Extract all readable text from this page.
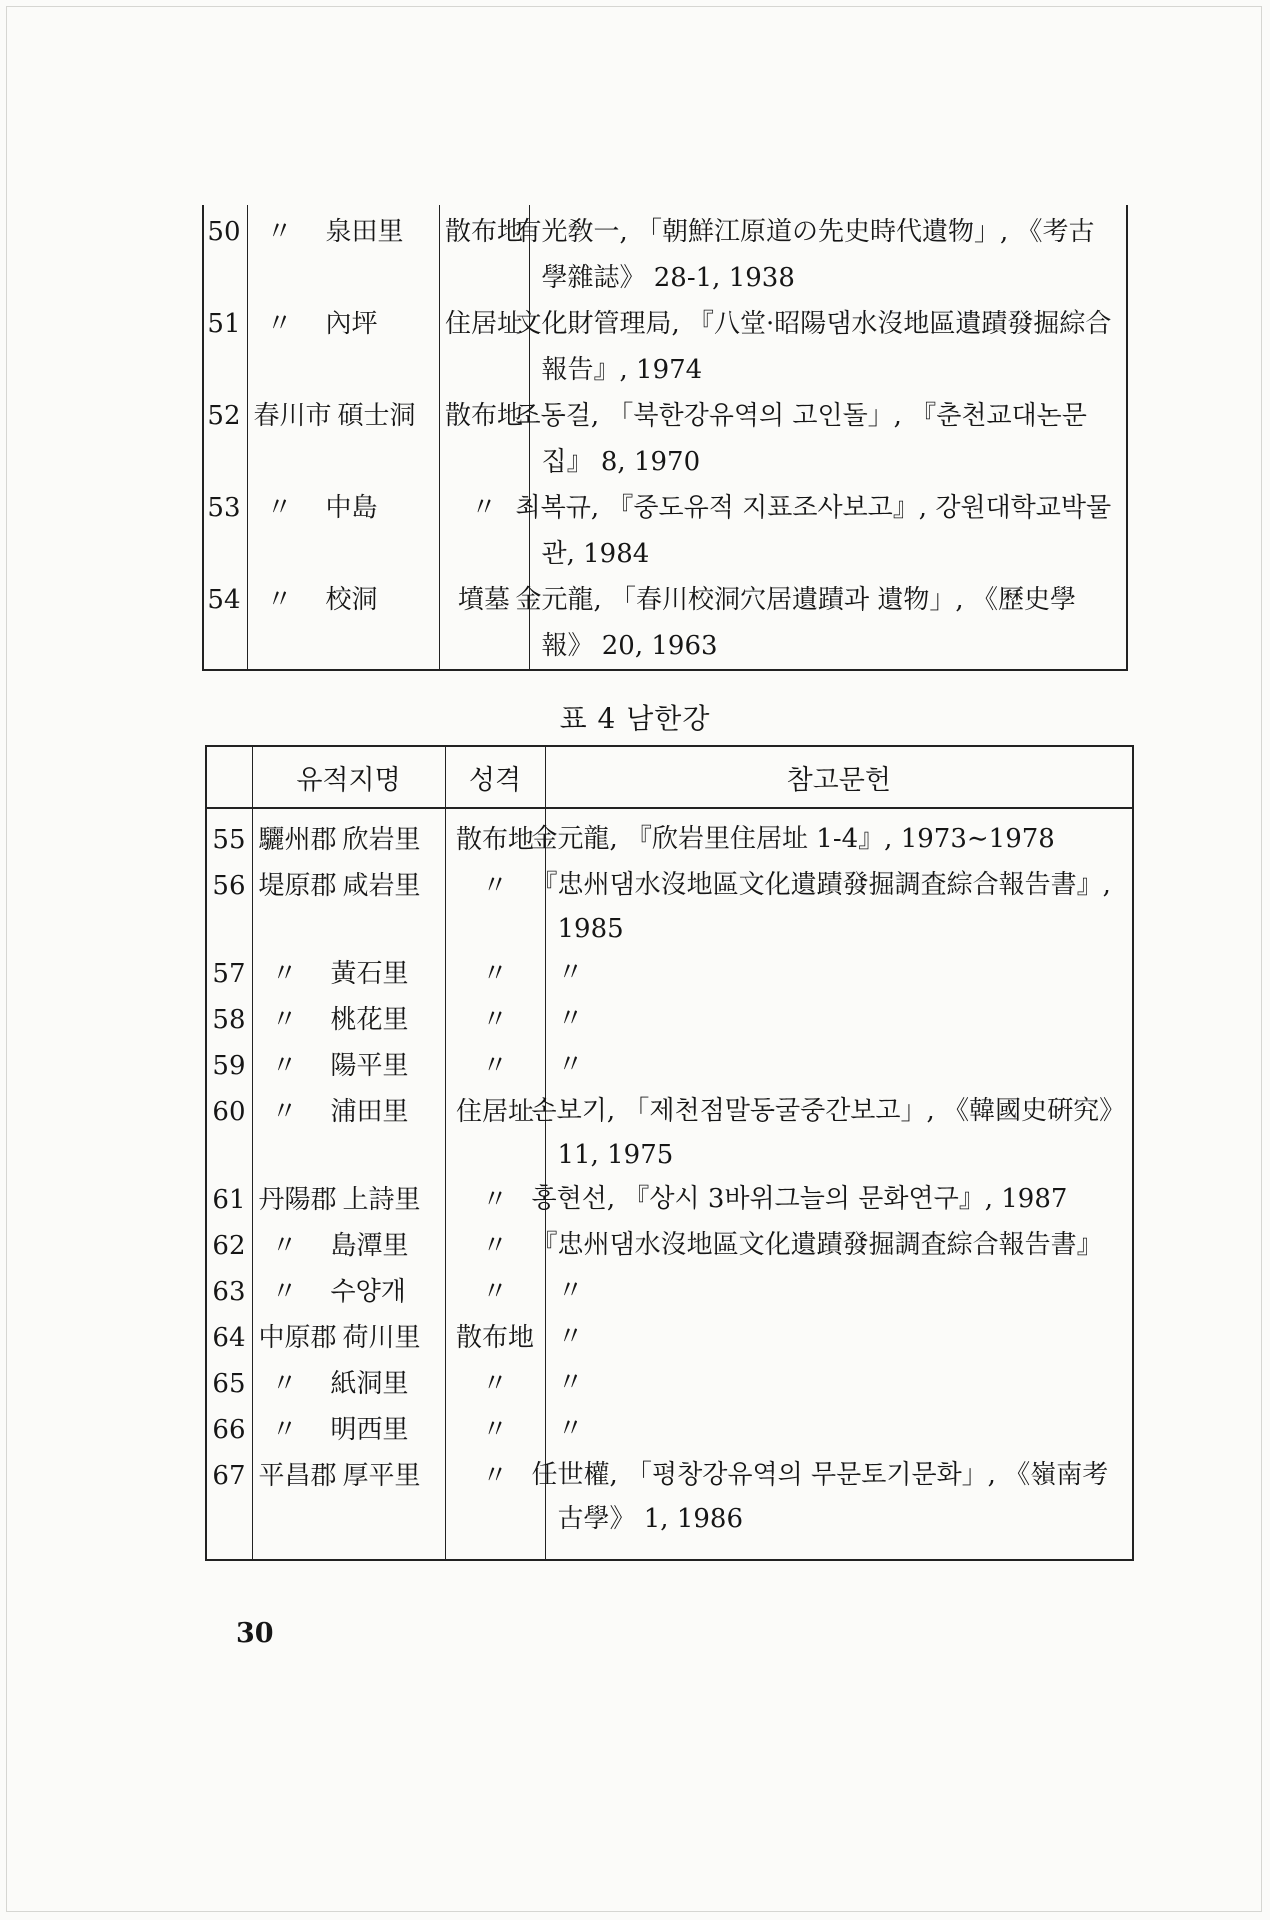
50	〃 泉田里	散布地	有光敎一, 「朝鮮江原道の先史時代遺物」, 《考古學雜誌》 28-1, 1938
51	〃 內坪	住居址	文化財管理局, 『八堂·昭陽댐水沒地區遺蹟發掘綜合報告』, 1974
52	春川市 碩士洞	散布地	조동걸, 「북한강유역의 고인돌」, 『춘천교대논문집』 8, 1970
53	〃 中島	〃	최복규, 『중도유적 지표조사보고』, 강원대학교박물관, 1984
54	〃 校洞	墳墓	金元龍, 「春川校洞穴居遺蹟과 遺物」, 《歷史學報》 20, 1963
표 4 남한강
	유적지명	성격	참고문헌
55	驪州郡 欣岩里	散布地	金元龍, 『欣岩里住居址 1-4』, 1973∼1978
56	堤原郡 咸岩里	〃	『忠州댐水沒地區文化遺蹟發掘調査綜合報告書』, 1985
57	〃 黃石里	〃	〃
58	〃 桃花里	〃	〃
59	〃 陽平里	〃	〃
60	〃 浦田里	住居址	손보기, 「제천점말동굴중간보고」, 《韓國史硏究》 11, 1975
61	丹陽郡 上詩里	〃	홍현선, 『상시 3바위그늘의 문화연구』, 1987
62	〃 島潭里	〃	『忠州댐水沒地區文化遺蹟發掘調査綜合報告書』
63	〃 수양개	〃	〃
64	中原郡 荷川里	散布地	〃
65	〃 紙洞里	〃	〃
66	〃 明西里	〃	〃
67	平昌郡 厚平里	〃	任世權, 「평창강유역의 무문토기문화」, 《嶺南考古學》 1, 1986
30
